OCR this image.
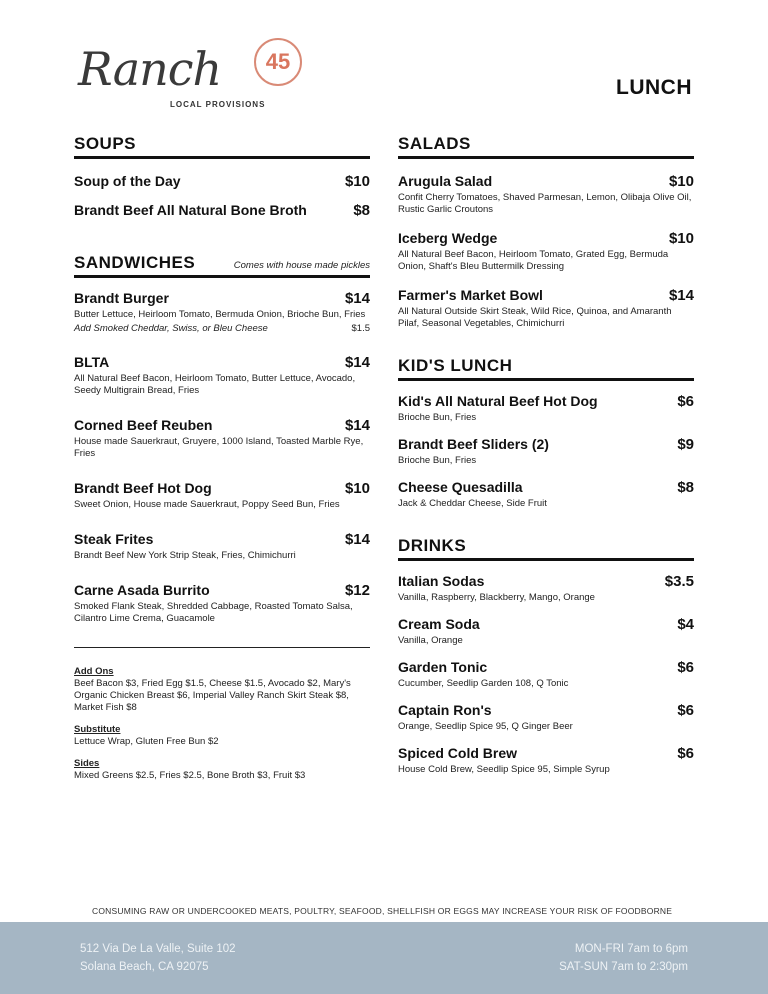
Ranch	45
LOCAL PROVISIONS
LUNCH
SOUPS
Soup of the Day	$10
Brandt Beef All Natural Bone Broth	$8
SANDWICHES	Comes with house made pickles
Brandt Burger	$14
Butter Lettuce, Heirloom Tomato, Bermuda Onion, Brioche Bun, Fries
Add Smoked Cheddar, Swiss, or Bleu Cheese	$1.5
BLTA	$14
All Natural Beef Bacon, Heirloom Tomato, Butter Lettuce, Avocado, Seedy Multigrain Bread, Fries
Corned Beef Reuben	$14
House made Sauerkraut, Gruyere, 1000 Island, Toasted Marble Rye, Fries
Brandt Beef Hot Dog	$10
Sweet Onion, House made Sauerkraut, Poppy Seed Bun, Fries
Steak Frites	$14
Brandt Beef New York Strip Steak, Fries, Chimichurri
Carne Asada Burrito	$12
Smoked Flank Steak, Shredded Cabbage, Roasted Tomato Salsa, Cilantro Lime Crema, Guacamole
Add Ons
Beef Bacon $3, Fried Egg $1.5, Cheese $1.5, Avocado $2, Mary's Organic Chicken Breast $6, Imperial Valley Ranch Skirt Steak $8, Market Fish $8
Substitute
Lettuce Wrap, Gluten Free Bun $2
Sides
Mixed Greens $2.5, Fries $2.5, Bone Broth $3, Fruit $3
SALADS
Arugula Salad	$10
Confit Cherry Tomatoes, Shaved Parmesan, Lemon, Olibaja Olive Oil, Rustic Garlic Croutons
Iceberg Wedge	$10
All Natural Beef Bacon, Heirloom Tomato, Grated Egg, Bermuda Onion, Shaft's Bleu Buttermilk Dressing
Farmer's Market Bowl	$14
All Natural Outside Skirt Steak, Wild Rice, Quinoa, and Amaranth Pilaf, Seasonal Vegetables, Chimichurri
KID'S LUNCH
Kid's All Natural Beef Hot Dog	$6
Brioche Bun, Fries
Brandt Beef Sliders (2)	$9
Brioche Bun, Fries
Cheese Quesadilla	$8
Jack & Cheddar Cheese, Side Fruit
DRINKS
Italian Sodas	$3.5
Vanilla, Raspberry, Blackberry, Mango, Orange
Cream Soda	$4
Vanilla, Orange
Garden Tonic	$6
Cucumber, Seedlip Garden 108, Q Tonic
Captain Ron's	$6
Orange, Seedlip Spice 95, Q Ginger Beer
Spiced Cold Brew	$6
House Cold Brew, Seedlip Spice 95, Simple Syrup
CONSUMING RAW OR UNDERCOOKED MEATS, POULTRY, SEAFOOD, SHELLFISH OR EGGS MAY INCREASE YOUR RISK OF FOODBORNE
512 Via De La Valle, Suite 102
Solana Beach, CA 92075
MON-FRI 7am to 6pm
SAT-SUN 7am to 2:30pm
